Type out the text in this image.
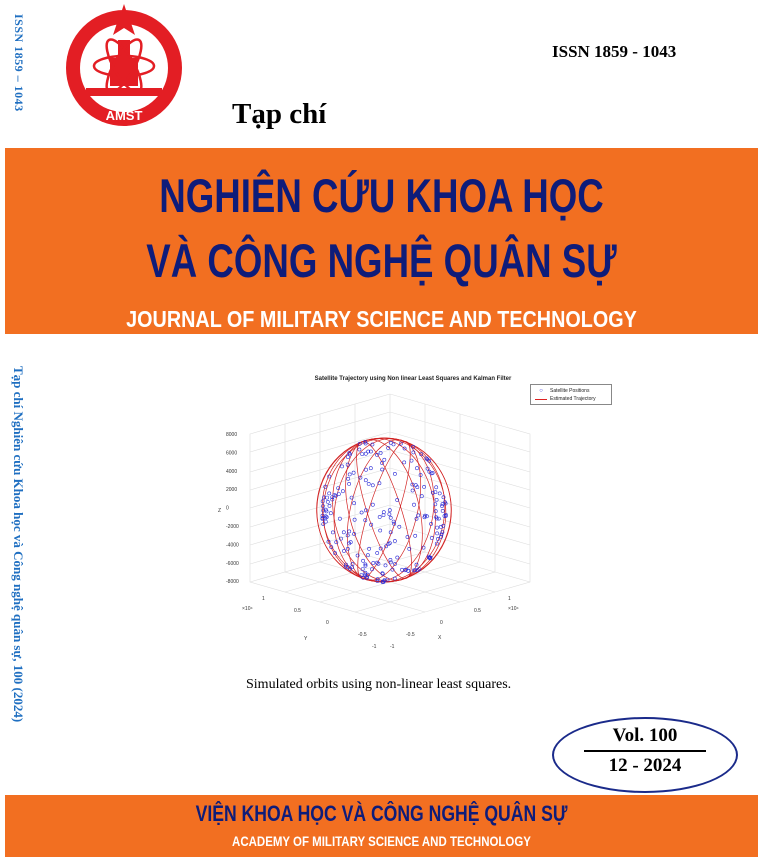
AMST
ISSN 1859 – 1043
Tạp chí Nghiên cứu Khoa học và Công nghệ quân sự, 100 (2024)
ISSN 1859 - 1043
Tạp chí
NGHIÊN CỨU KHOA HỌC
VÀ CÔNG NGHỆ QUÂN SỰ
JOURNAL OF MILITARY SCIENCE AND TECHNOLOGY
Satellite Trajectory using Non linear Least Squares and Kalman Filter
○	Satellite Positions
Estimated Trajectory
8000
6000
4000
2000
0
-2000
-4000
-6000
-8000
Z
×10⁴	×10⁴
Y	X
1
0.5
0
-0.5
-1
-1
-0.5
0
0.5
1
Simulated orbits using non-linear least squares.
Vol. 100
12 - 2024
VIỆN KHOA HỌC VÀ CÔNG NGHỆ QUÂN SỰ
ACADEMY OF MILITARY SCIENCE AND TECHNOLOGY
